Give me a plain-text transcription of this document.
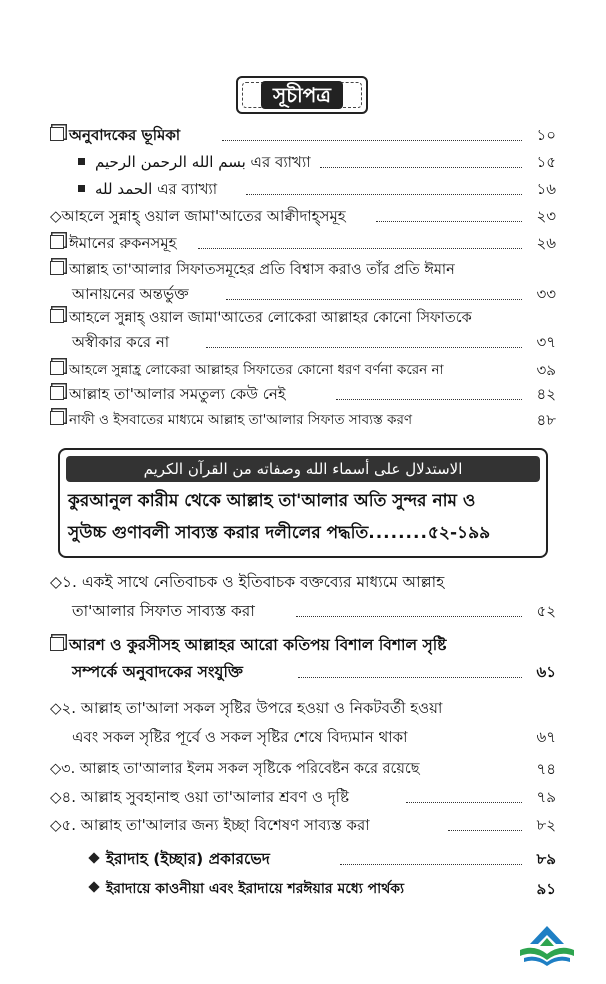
সূচীপত্র
অনুবাদকের ভূমিকা	১০
بسم الله الرحمن الرحيم এর ব্যাখ্যা	১৫
الحمد لله এর ব্যাখ্যা	১৬
◇আহলে সুন্নাহ্ ওয়াল জামা'আতের আক্বীদাহ্সমূহ	২৩
ঈমানের রুকনসমূহ	২৬
আল্লাহ তা'আলার সিফাতসমূহের প্রতি বিশ্বাস করাও তাঁর প্রতি ঈমান
আনায়নের অন্তর্ভুক্ত	৩৩
আহলে সুন্নাহ্ ওয়াল জামা'আতের লোকেরা আল্লাহর কোনো সিফাতকে
অস্বীকার করে না	৩৭
আহলে সুন্নাহ্র লোকেরা আল্লাহর সিফাতের কোনো ধরণ বর্ণনা করেন না	৩৯
আল্লাহ তা'আলার সমতুল্য কেউ নেই	৪২
নাফী ও ইসবাতের মাধ্যমে আল্লাহ তা'আলার সিফাত সাব্যস্ত করণ	৪৮
الاستدلال على أسماء الله وصفاته من القرآن الكريم
কুরআনুল কারীম থেকে আল্লাহ তা'আলার অতি সুন্দর নাম ও
সুউচ্চ গুণাবলী সাব্যস্ত করার দলীলের পদ্ধতি........৫২-১৯৯
◇১. একই সাথে নেতিবাচক ও ইতিবাচক বক্তব্যের মাধ্যমে আল্লাহ
তা'আলার সিফাত সাব্যস্ত করা	৫২
আরশ ও কুরসীসহ আল্লাহর আরো কতিপয় বিশাল বিশাল সৃষ্টি
সম্পর্কে অনুবাদকের সংযুক্তি	৬১
◇২. আল্লাহ তা'আলা সকল সৃষ্টির উপরে হওয়া ও নিকটবর্তী হওয়া
এবং সকল সৃষ্টির পূর্বে ও সকল সৃষ্টির শেষে বিদ্যমান থাকা	৬৭
◇৩. আল্লাহ তা'আলার ইলম সকল সৃষ্টিকে পরিবেষ্টন করে রয়েছে	৭৪
◇৪. আল্লাহ সুবহানাহু ওয়া তা'আলার শ্রবণ ও দৃষ্টি	৭৯
◇৫. আল্লাহ তা'আলার জন্য ইচ্ছা বিশেষণ সাব্যস্ত করা	৮২
ইরাদাহ (ইচ্ছার) প্রকারভেদ	৮৯
ইরাদায়ে কাওনীয়া এবং ইরাদায়ে শরঈয়ার মধ্যে পার্থক্য	৯১
